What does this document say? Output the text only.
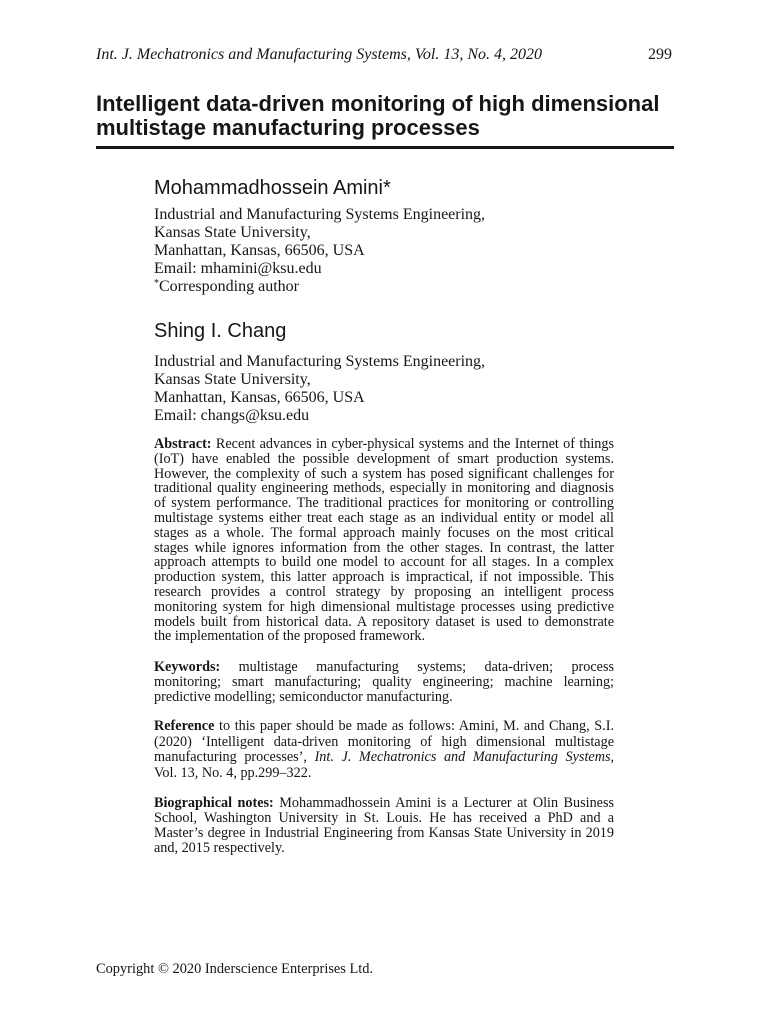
Int. J. Mechatronics and Manufacturing Systems, Vol. 13, No. 4, 2020	299
Intelligent data-driven monitoring of high dimensional
multistage manufacturing processes
Mohammadhossein Amini*
Industrial and Manufacturing Systems Engineering,
Kansas State University,
Manhattan, Kansas, 66506, USA
Email: mhamini@ksu.edu
*Corresponding author
Shing I. Chang
Industrial and Manufacturing Systems Engineering,
Kansas State University,
Manhattan, Kansas, 66506, USA
Email: changs@ksu.edu
Abstract: Recent advances in cyber-physical systems and the Internet of things
(IoT) have enabled the possible development of smart production systems.
However, the complexity of such a system has posed significant challenges for
traditional quality engineering methods, especially in monitoring and diagnosis
of system performance. The traditional practices for monitoring or controlling
multistage systems either treat each stage as an individual entity or model all
stages as a whole. The formal approach mainly focuses on the most critical
stages while ignores information from the other stages. In contrast, the latter
approach attempts to build one model to account for all stages. In a complex
production system, this latter approach is impractical, if not impossible. This
research provides a control strategy by proposing an intelligent process
monitoring system for high dimensional multistage processes using predictive
models built from historical data. A repository dataset is used to demonstrate
the implementation of the proposed framework.
Keywords: multistage manufacturing systems; data-driven; process
monitoring; smart manufacturing; quality engineering; machine learning;
predictive modelling; semiconductor manufacturing.
Reference to this paper should be made as follows: Amini, M. and Chang, S.I.
(2020) ‘Intelligent data-driven monitoring of high dimensional multistage
manufacturing processes’, Int. J. Mechatronics and Manufacturing Systems,
Vol. 13, No. 4, pp.299–322.
Biographical notes: Mohammadhossein Amini is a Lecturer at Olin Business
School, Washington University in St. Louis. He has received a PhD and a
Master’s degree in Industrial Engineering from Kansas State University in 2019
and, 2015 respectively.
Copyright © 2020 Inderscience Enterprises Ltd.
